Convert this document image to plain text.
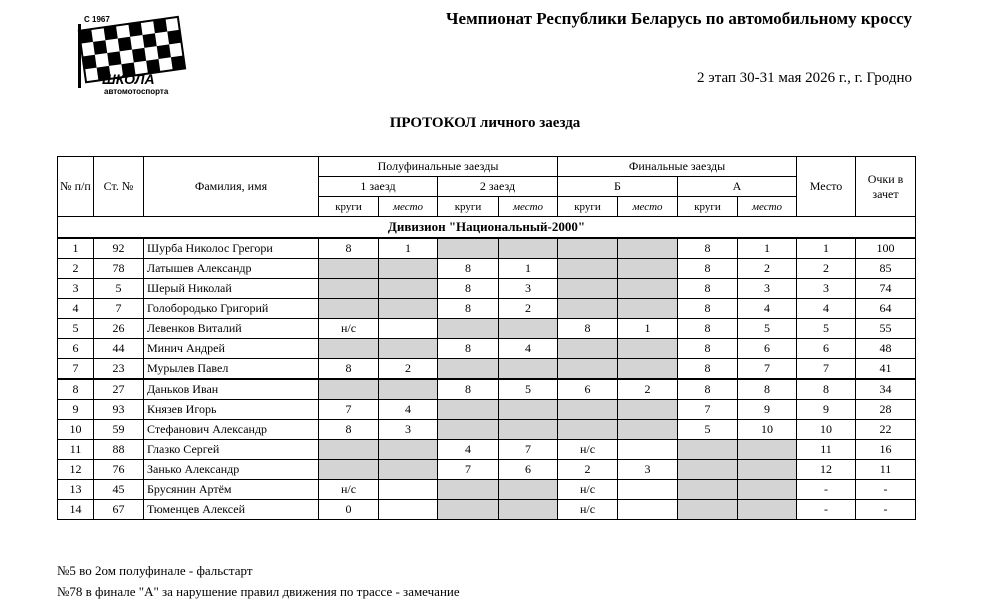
С 1967
ШКОЛА
автомотоспорта
Чемпионат Республики Беларусь по автомобильному кроссу
2 этап 30-31 мая 2026 г., г. Гродно
ПРОТОКОЛ личного заезда
№ п/п	Ст. №	Фамилия, имя	Полуфинальные заезды				Финальные заезды				Место	Очки в зачет
			1 заезд		2 заезд		Б		А			
			круги	место	круги	место	круги	место	круги	место		
Дивизион "Национальный-2000"												
1	92	Шурба Николос Грегори	8	1					8	1	1	100
2	78	Латышев Александр			8	1			8	2	2	85
3	5	Шерый Николай			8	3			8	3	3	74
4	7	Голобородько Григорий			8	2			8	4	4	64
5	26	Левенков Виталий	н/с				8	1	8	5	5	55
6	44	Минич Андрей			8	4			8	6	6	48
7	23	Мурылев Павел	8	2					8	7	7	41
8	27	Даньков Иван			8	5	6	2	8	8	8	34
9	93	Князев Игорь	7	4					7	9	9	28
10	59	Стефанович Александр	8	3					5	10	10	22
11	88	Глазко Сергей			4	7	н/с				11	16
12	76	Занько Александр			7	6	2	3			12	11
13	45	Брусянин Артём	н/с				н/с				-	-
14	67	Тюменцев Алексей	0				н/с				-	-
№5 во 2ом полуфинале - фальстарт
№78 в финале "А" за нарушение правил движения по трассе - замечание
